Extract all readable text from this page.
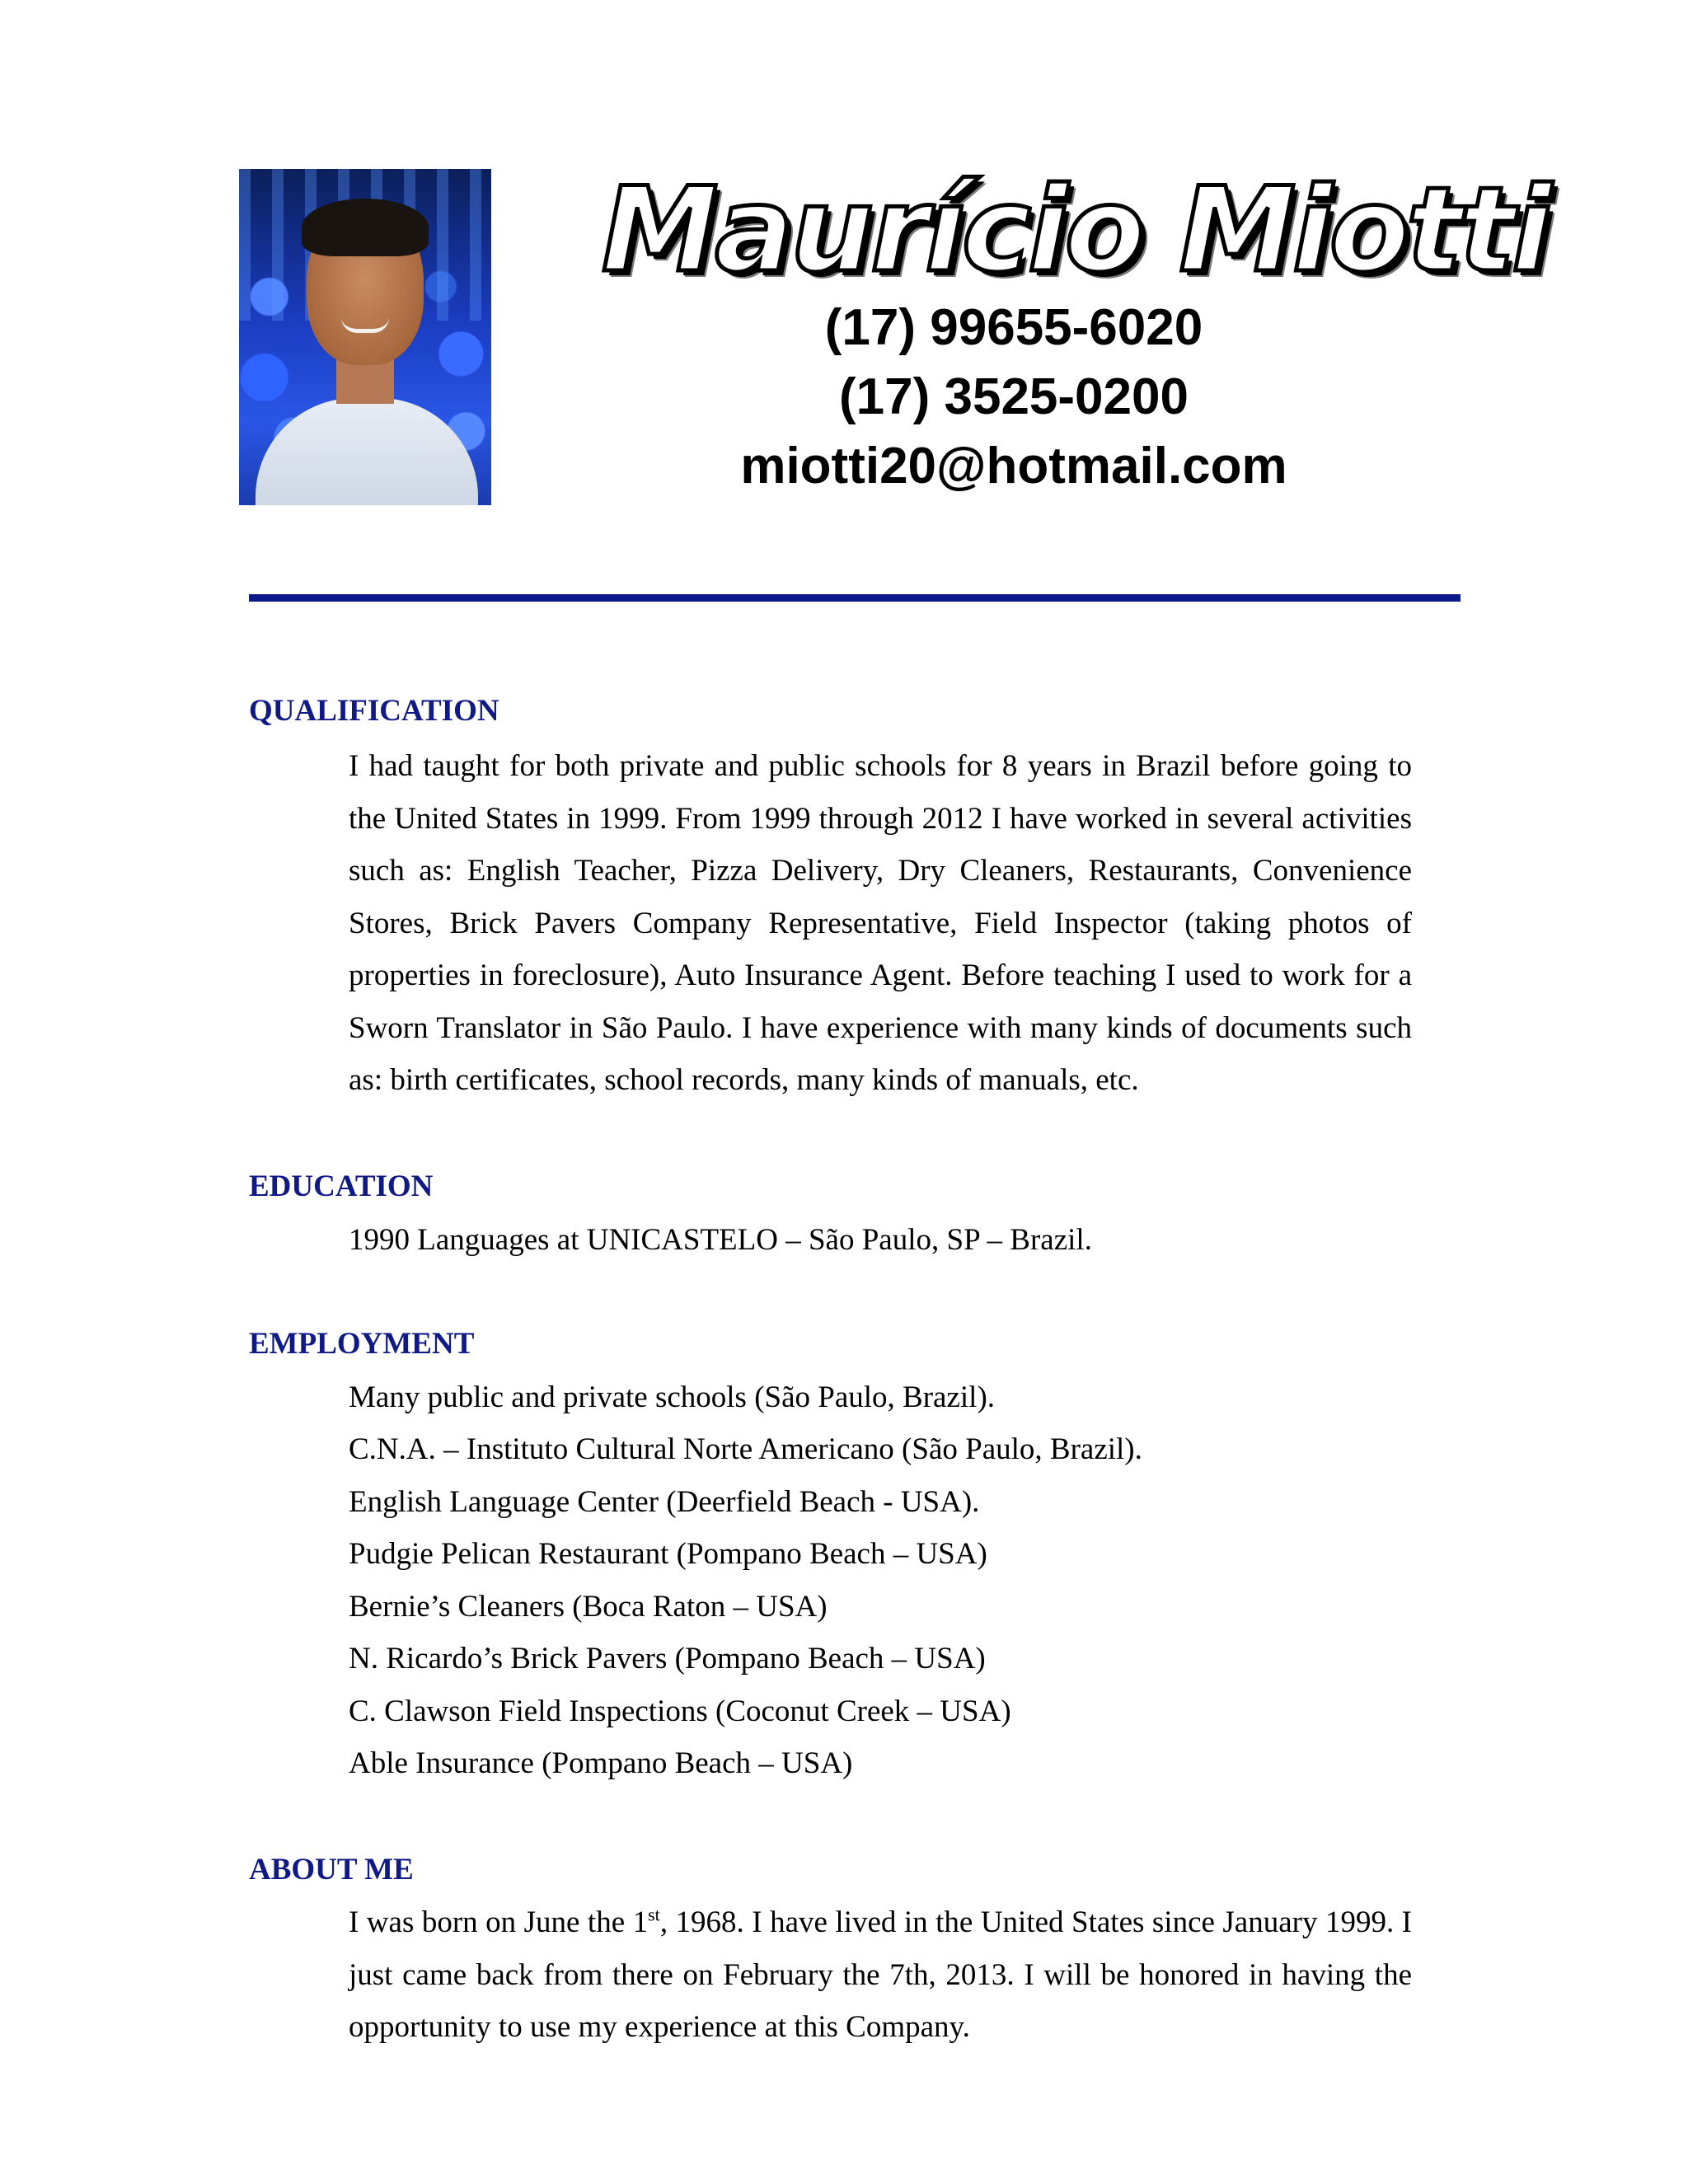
Maurício Miotti
(17) 99655-6020
(17) 3525-0200
miotti20@hotmail.com
QUALIFICATION
I had taught for both private and public schools for 8 years in Brazil before going to the United States in 1999. From 1999 through 2012 I have worked in several activities such as: English Teacher, Pizza Delivery, Dry Cleaners, Restaurants, Convenience Stores, Brick Pavers Company Representative, Field Inspector (taking photos of properties in foreclosure), Auto Insurance Agent. Before teaching I used to work for a Sworn Translator in São Paulo. I have experience with many kinds of documents such as: birth certificates, school records, many kinds of manuals, etc.
EDUCATION
1990 Languages at UNICASTELO – São Paulo, SP – Brazil.
EMPLOYMENT
Many public and private schools (São Paulo, Brazil).
C.N.A. – Instituto Cultural Norte Americano (São Paulo, Brazil).
English Language Center (Deerfield Beach - USA).
Pudgie Pelican Restaurant (Pompano Beach – USA)
Bernie’s Cleaners (Boca Raton – USA)
N. Ricardo’s Brick Pavers (Pompano Beach – USA)
C. Clawson Field Inspections (Coconut Creek – USA)
Able Insurance (Pompano Beach – USA)
ABOUT ME
I was born on June the 1st, 1968. I have lived in the United States since January 1999. I just came back from there on February the 7th, 2013. I will be honored in having the opportunity to use my experience at this Company.
